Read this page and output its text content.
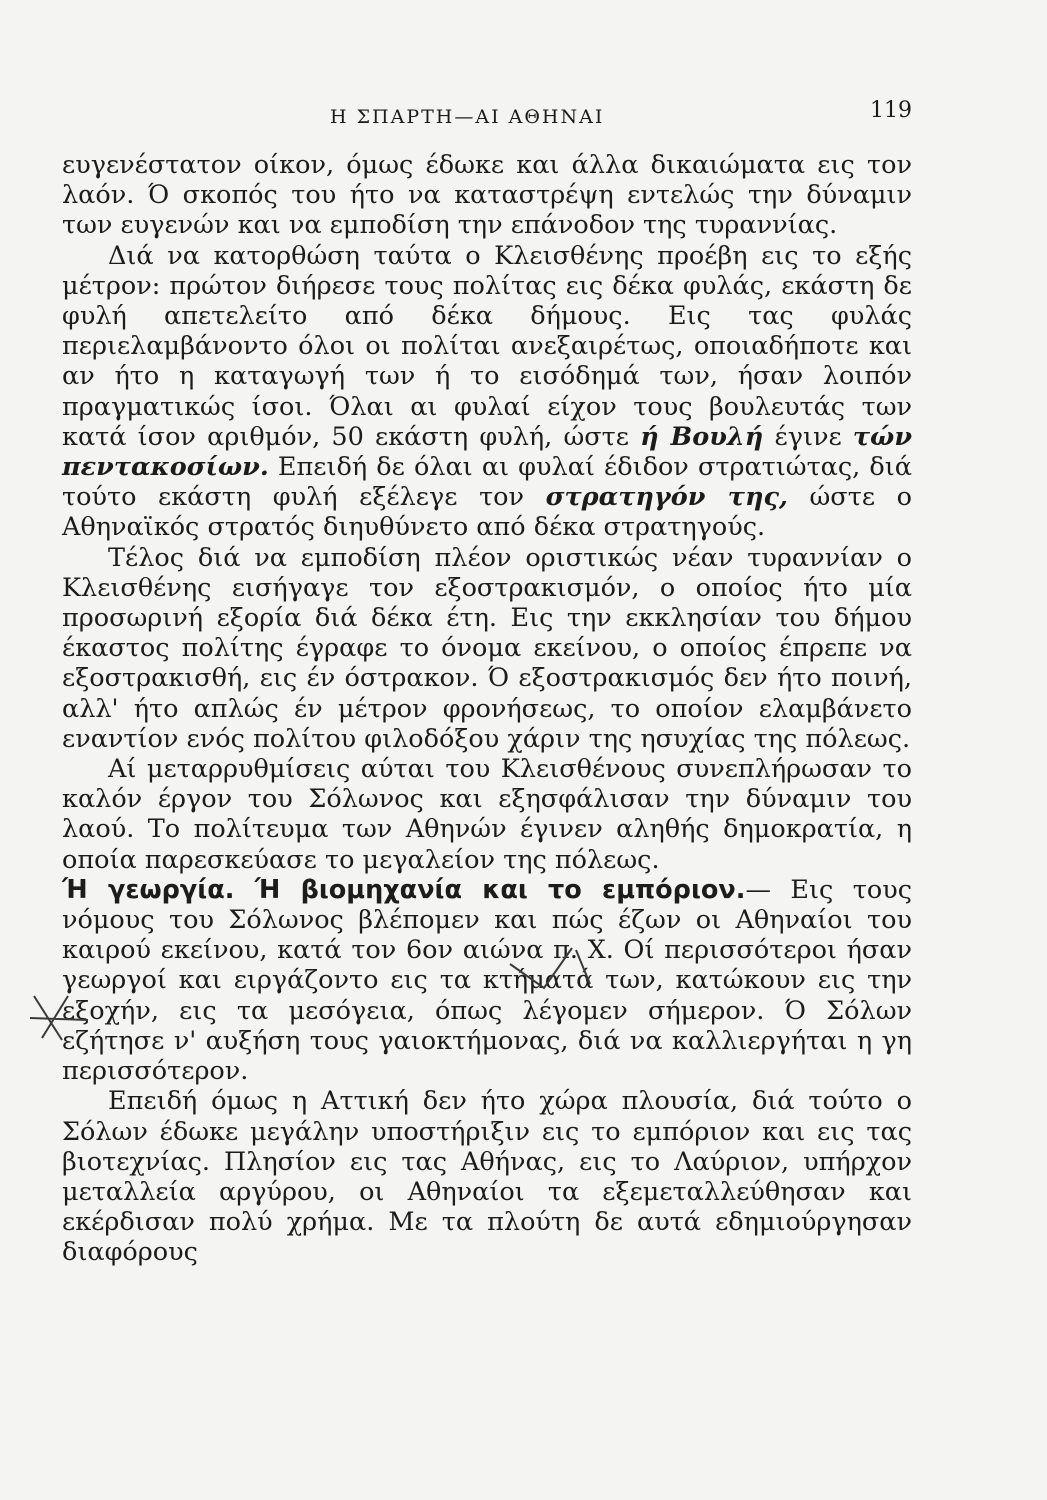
Η ΣΠΑΡΤΗ—ΑΙ ΑΘΗΝΑΙ	119

ευγενέστατον οίκον, όμως έδωκε και άλλα δικαιώματα εις τον λαόν. Ό σκοπός του ήτο να καταστρέψη εντελώς την δύναμιν των ευγενών και να εμποδίση την επάνοδον της τυραννίας.

Διά να κατορθώση ταύτα ο Κλεισθένης προέβη εις το εξής μέτρον: πρώτον διήρεσε τους πολίτας εις δέκα φυλάς, εκάστη δε φυλή απετελείτο από δέκα δήμους. Εις τας φυλάς περιελαμβάνοντο όλοι οι πολίται ανεξαιρέτως, οποιαδήποτε και αν ήτο η καταγωγή των ή το εισόδημά των, ήσαν λοιπόν πραγματικώς ίσοι. Όλαι αι φυλαί είχον τους βουλευτάς των κατά ίσον αριθμόν, 50 εκάστη φυλή, ώστε ή Βουλή έγινε τών πεντακοσίων. Επειδή δε όλαι αι φυλαί έδιδον στρατιώτας, διά τούτο εκάστη φυλή εξέλεγε τον στρατηγόν της, ώστε ο Αθηναϊκός στρατός διηυθύνετο από δέκα στρατηγούς.

Τέλος διά να εμποδίση πλέον οριστικώς νέαν τυραννίαν ο Κλεισθένης εισήγαγε τον εξοστρακισμόν, ο οποίος ήτο μία προσωρινή εξορία διά δέκα έτη. Εις την εκκλησίαν του δήμου έκαστος πολίτης έγραφε το όνομα εκείνου, ο οποίος έπρεπε να εξοστρακισθή, εις έν όστρακον. Ό εξοστρακισμός δεν ήτο ποινή, αλλ' ήτο απλώς έν μέτρον φρονήσεως, το οποίον ελαμβάνετο εναντίον ενός πολίτου φιλοδόξου χάριν της ησυχίας της πόλεως.

Αί μεταρρυθμίσεις αύται του Κλεισθένους συνεπλήρωσαν το καλόν έργον του Σόλωνος και εξησφάλισαν την δύναμιν του λαού. Το πολίτευμα των Αθηνών έγινεν αληθής δημοκρατία, η οποία παρεσκεύασε το μεγαλείον της πόλεως.

Ή γεωργία. Ή βιομηχανία και το εμπόριον.— Εις τους νόμους του Σόλωνος βλέπομεν και πώς έζων οι Αθηναίοι του καιρού εκείνου, κατά τον 6ον αιώνα π. Χ. Οί περισσότεροι ήσαν γεωργοί και ειργάζοντο εις τα κτήματά των, κατώκουν εις την εξοχήν, εις τα μεσόγεια, όπως λέγομεν σήμερον. Ό Σόλων εζήτησε ν' αυξήση τους γαιοκτήμονας, διά να καλλιεργήται η γη περισσότερον.

Επειδή όμως η Αττική δεν ήτο χώρα πλουσία, διά τούτο ο Σόλων έδωκε μεγάλην υποστήριξιν εις το εμπόριον και εις τας βιοτεχνίας. Πλησίον εις τας Αθήνας, εις το Λαύριον, υπήρχον μεταλλεία αργύρου, οι Αθηναίοι τα εξεμεταλλεύθησαν και εκέρδισαν πολύ χρήμα. Με τα πλούτη δε αυτά εδημιούργησαν διαφόρους
